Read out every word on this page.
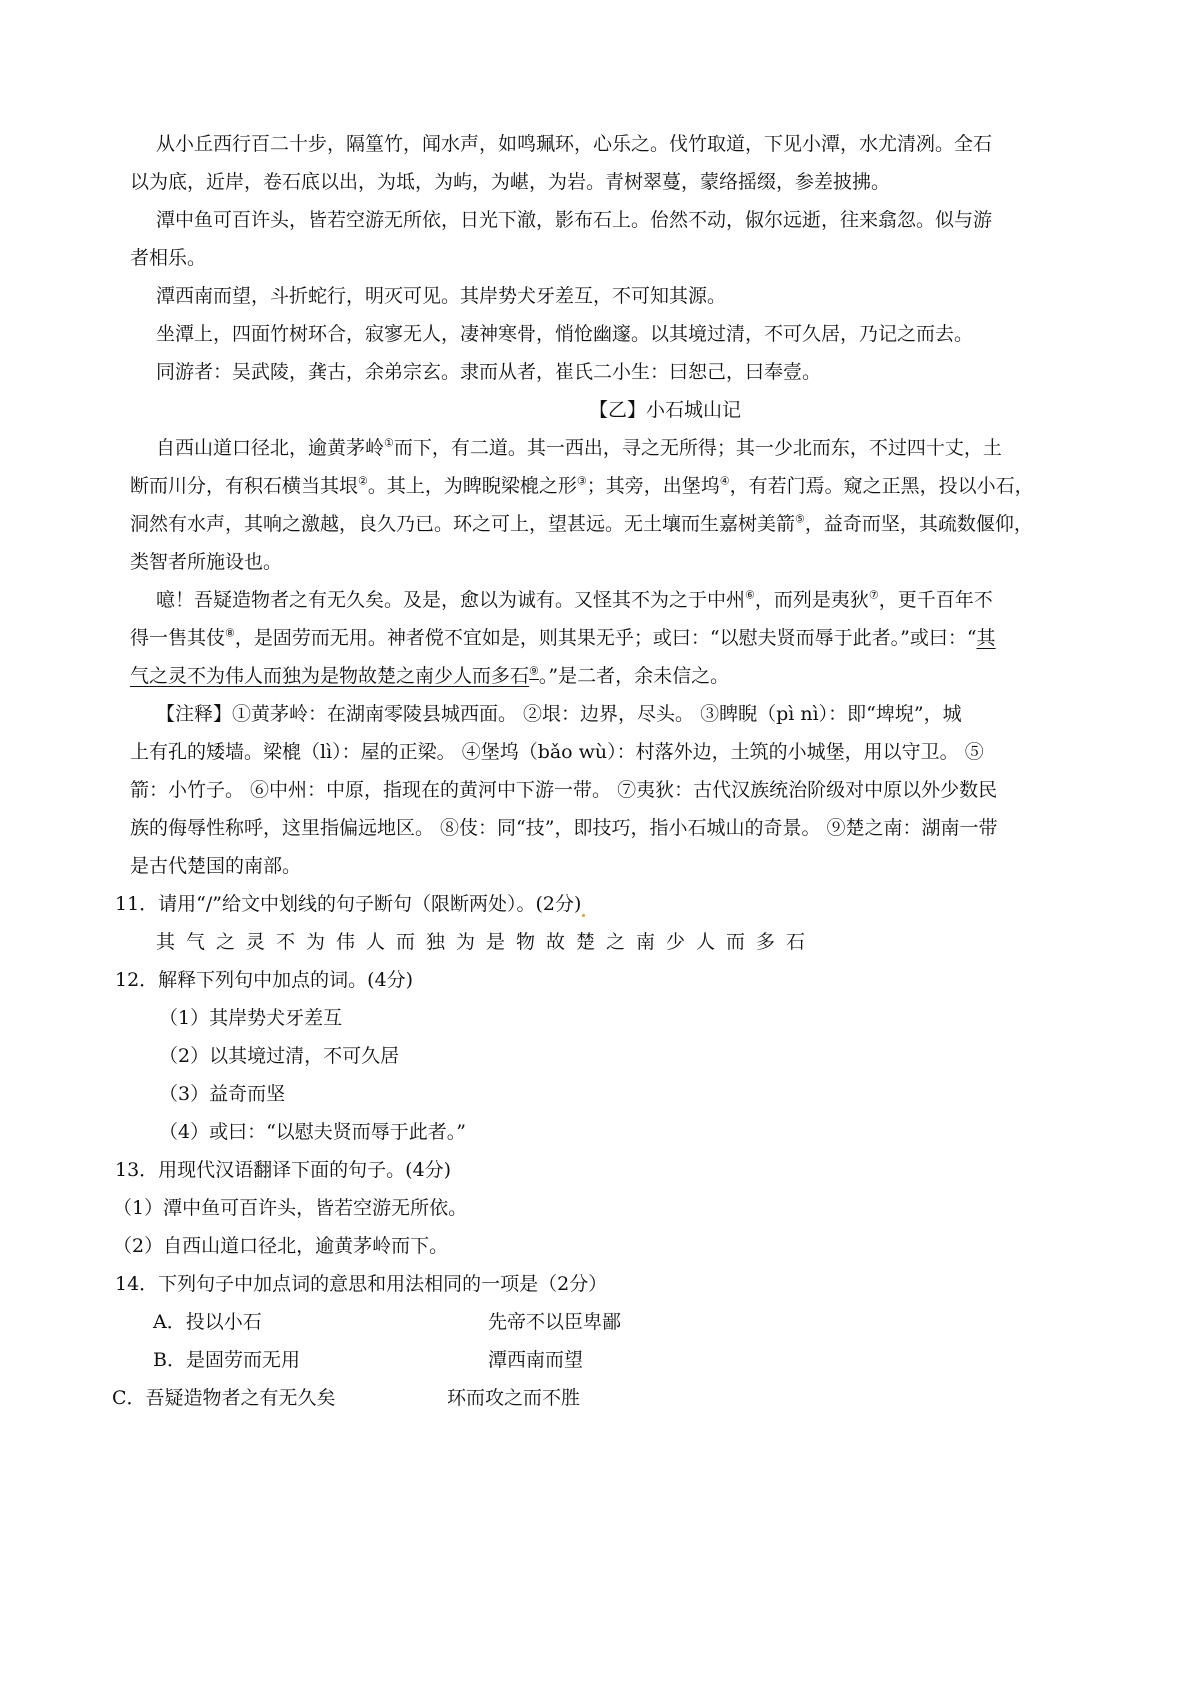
从小丘西行百二十步，隔篁竹，闻水声，如鸣珮环，心乐之。伐竹取道，下见小潭，水尤清冽。全石
以为底，近岸，卷石底以出，为坻，为屿，为嵁，为岩。青树翠蔓，蒙络摇缀，参差披拂。
潭中鱼可百许头，皆若空游无所依，日光下澈，影布石上。佁然不动，俶尔远逝，往来翕忽。似与游
者相乐。
潭西南而望，斗折蛇行，明灭可见。其岸势犬牙差互，不可知其源。
坐潭上，四面竹树环合，寂寥无人，凄神寒骨，悄怆幽邃。以其境过清，不可久居，乃记之而去。
同游者：吴武陵，龚古，余弟宗玄。隶而从者，崔氏二小生：曰恕己，曰奉壹。
【乙】小石城山记
自西山道口径北，逾黄茅岭①而下，有二道。其一西出，寻之无所得；其一少北而东，不过四十丈，土
断而川分，有积石横当其垠②。其上，为睥睨梁㮰之形③；其旁，出堡坞④，有若门焉。窥之正黑，投以小石，
洞然有水声，其响之激越，良久乃已。环之可上，望甚远。无土壤而生嘉树美箭⑤，益奇而坚，其疏数偃仰，
类智者所施设也。
噫！吾疑造物者之有无久矣。及是，愈以为诚有。又怪其不为之于中州⑥，而列是夷狄⑦，更千百年不
得一售其伎⑧，是固劳而无用。神者傥不宜如是，则其果无乎；或曰：“以慰夫贤而辱于此者。”或曰：“其
气之灵不为伟人而独为是物故楚之南少人而多石⑨。”是二者，余未信之。
【注释】①黄茅岭：在湖南零陵县城西面。 ②垠：边界，尽头。 ③睥睨（pì nì）：即“埤堄”，城
上有孔的矮墙。梁㮰（lì）：屋的正梁。 ④堡坞（bǎo wù）：村落外边，土筑的小城堡，用以守卫。 ⑤
箭：小竹子。 ⑥中州：中原，指现在的黄河中下游一带。 ⑦夷狄：古代汉族统治阶级对中原以外少数民
族的侮辱性称呼，这里指偏远地区。 ⑧伎：同“技”，即技巧，指小石城山的奇景。 ⑨楚之南：湖南一带
是古代楚国的南部。
11．请用“/”给文中划线的句子断句（限断两处）。(2分)
其气之灵不为伟人而独为是物故楚之南少人而多石
12．解释下列句中加点的词。(4分)
（1）其岸势犬牙差互
（2）以其境过清，不可久居
（3）益奇而坚
（4）或曰：“以慰夫贤而辱于此者。”
13．用现代汉语翻译下面的句子。(4分)
（1）潭中鱼可百许头，皆若空游无所依。
（2）自西山道口径北，逾黄茅岭而下。
14．下列句子中加点词的意思和用法相同的一项是（2分）
A．投以小石	先帝不以臣卑鄙
B．是固劳而无用	潭西南而望
C．吾疑造物者之有无久矣	环而攻之而不胜
